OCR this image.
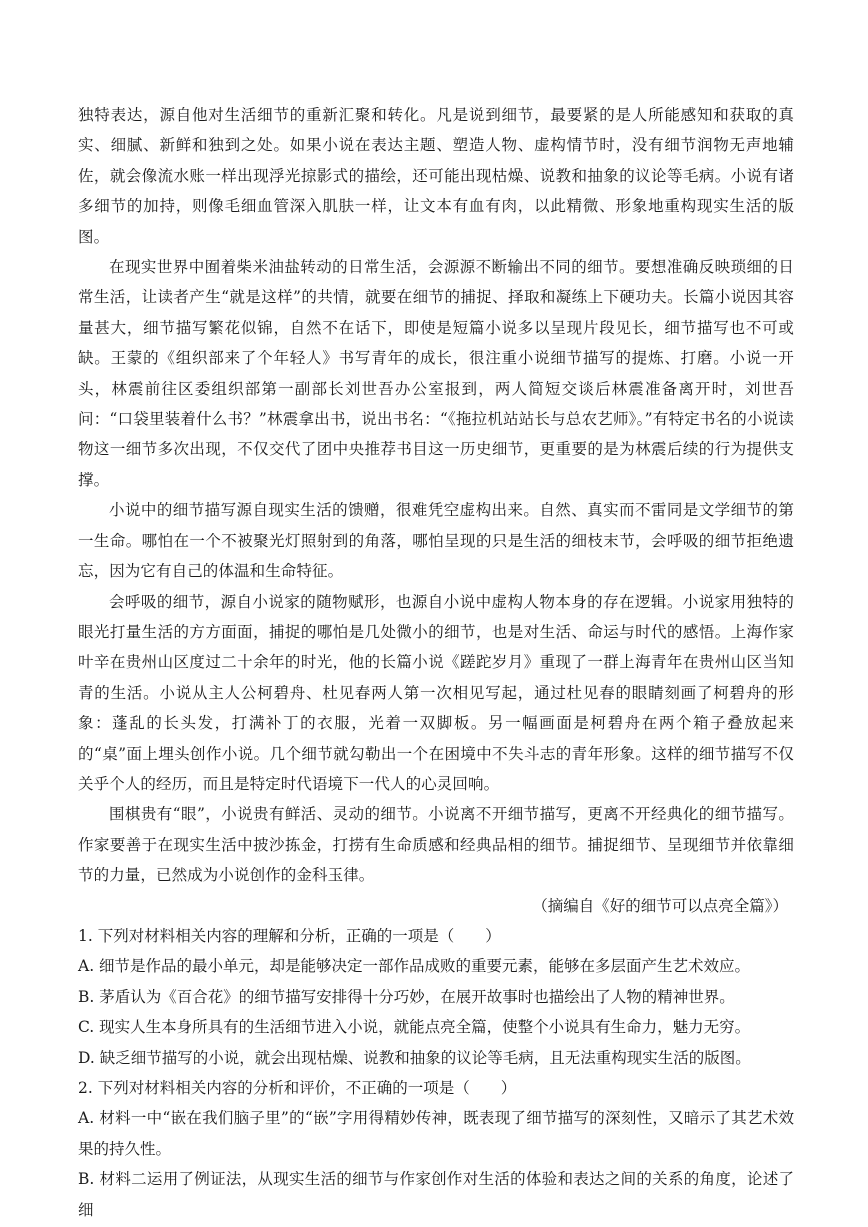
独特表达，源自他对生活细节的重新汇聚和转化。凡是说到细节，最要紧的是人所能感知和获取的真实、细腻、新鲜和独到之处。如果小说在表达主题、塑造人物、虚构情节时，没有细节润物无声地辅佐，就会像流水账一样出现浮光掠影式的描绘，还可能出现枯燥、说教和抽象的议论等毛病。小说有诸多细节的加持，则像毛细血管深入肌肤一样，让文本有血有肉，以此精微、形象地重构现实生活的版图。

在现实世界中囿着柴米油盐转动的日常生活，会源源不断输出不同的细节。要想准确反映琐细的日常生活，让读者产生“就是这样”的共情，就要在细节的捕捉、择取和凝练上下硬功夫。长篇小说因其容量甚大，细节描写繁花似锦，自然不在话下，即使是短篇小说多以呈现片段见长，细节描写也不可或缺。王蒙的《组织部来了个年轻人》书写青年的成长，很注重小说细节描写的提炼、打磨。小说一开头，林震前往区委组织部第一副部长刘世吾办公室报到，两人简短交谈后林震准备离开时，刘世吾问：“口袋里装着什么书？”林震拿出书，说出书名：“《拖拉机站站长与总农艺师》。”有特定书名的小说读物这一细节多次出现，不仅交代了团中央推荐书目这一历史细节，更重要的是为林震后续的行为提供支撑。

小说中的细节描写源自现实生活的馈赠，很难凭空虚构出来。自然、真实而不雷同是文学细节的第一生命。哪怕在一个不被聚光灯照射到的角落，哪怕呈现的只是生活的细枝末节，会呼吸的细节拒绝遗忘，因为它有自己的体温和生命特征。

会呼吸的细节，源自小说家的随物赋形，也源自小说中虚构人物本身的存在逻辑。小说家用独特的眼光打量生活的方方面面，捕捉的哪怕是几处微小的细节，也是对生活、命运与时代的感悟。上海作家叶辛在贵州山区度过二十余年的时光，他的长篇小说《蹉跎岁月》重现了一群上海青年在贵州山区当知青的生活。小说从主人公柯碧舟、杜见春两人第一次相见写起，通过杜见春的眼睛刻画了柯碧舟的形象：蓬乱的长头发，打满补丁的衣服，光着一双脚板。另一幅画面是柯碧舟在两个箱子叠放起来的“桌”面上埋头创作小说。几个细节就勾勒出一个在困境中不失斗志的青年形象。这样的细节描写不仅关乎个人的经历，而且是特定时代语境下一代人的心灵回响。

围棋贵有“眼”，小说贵有鲜活、灵动的细节。小说离不开细节描写，更离不开经典化的细节描写。作家要善于在现实生活中披沙拣金，打捞有生命质感和经典品相的细节。捕捉细节、呈现细节并依靠细节的力量，已然成为小说创作的金科玉律。

（摘编自《好的细节可以点亮全篇》）

1. 下列对材料相关内容的理解和分析，正确的一项是（　　）

A. 细节是作品的最小单元，却是能够决定一部作品成败的重要元素，能够在多层面产生艺术效应。

B. 茅盾认为《百合花》的细节描写安排得十分巧妙，在展开故事时也描绘出了人物的精神世界。

C. 现实人生本身所具有的生活细节进入小说，就能点亮全篇，使整个小说具有生命力，魅力无穷。

D. 缺乏细节描写的小说，就会出现枯燥、说教和抽象的议论等毛病，且无法重构现实生活的版图。

2. 下列对材料相关内容的分析和评价，不正确的一项是（　　）

A. 材料一中“嵌在我们脑子里”的“嵌”字用得精妙传神，既表现了细节描写的深刻性，又暗示了其艺术效果的持久性。

B. 材料二运用了例证法，从现实生活的细节与作家创作对生活的体验和表达之间的关系的角度，论述了细
